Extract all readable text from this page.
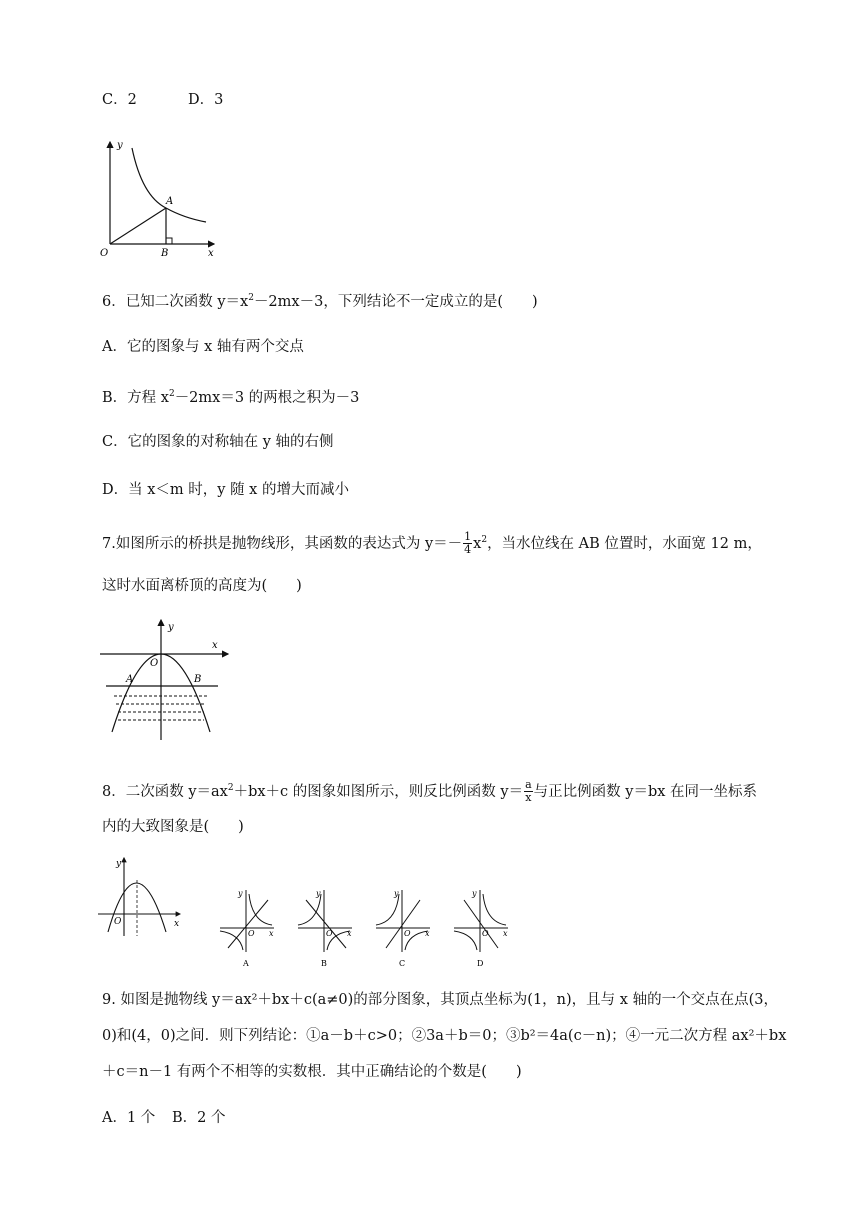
C．2	D．3
y
x
O
A
B
6．已知二次函数 $y=x^2-2mx-3$，下列结论不一定成立的是(　　)
A．它的图象与 x 轴有两个交点
B．方程 $x^2-2mx=3$ 的两根之积为－3
C．它的图象的对称轴在 y 轴的右侧
D．当 x＜m 时，y 随 x 的增大而减小
7.如图所示的桥拱是抛物线形，其函数的表达式为 $y=- \frac{1}{4} x^2$，当水位线在 AB 位置时，水面宽 12 m，
这时水面离桥顶的高度为(　　)
y
x
O
A	B
8．二次函数 $y=ax^2+bx+c$ 的图象如图所示，则反比例函数 $y= \frac{a}{x}$ 与正比例函数 y＝bx 在同一坐标系
内的大致图象是(　　)
y
x
O
y
x
O
A
y
x
O
B
y
x
O
C
y
x
O
D
9. 如图是抛物线 y＝ax²＋bx＋c(a≠0)的部分图象，其顶点坐标为(1，n)，且与 x 轴的一个交点在点(3，
0)和(4，0)之间．则下列结论：①a－b＋c>0；②3a＋b＝0；③b²＝4a(c－n)；④一元二次方程 ax²＋bx
＋c＝n－1 有两个不相等的实数根．其中正确结论的个数是(　　)
A．1 个 B．2 个
